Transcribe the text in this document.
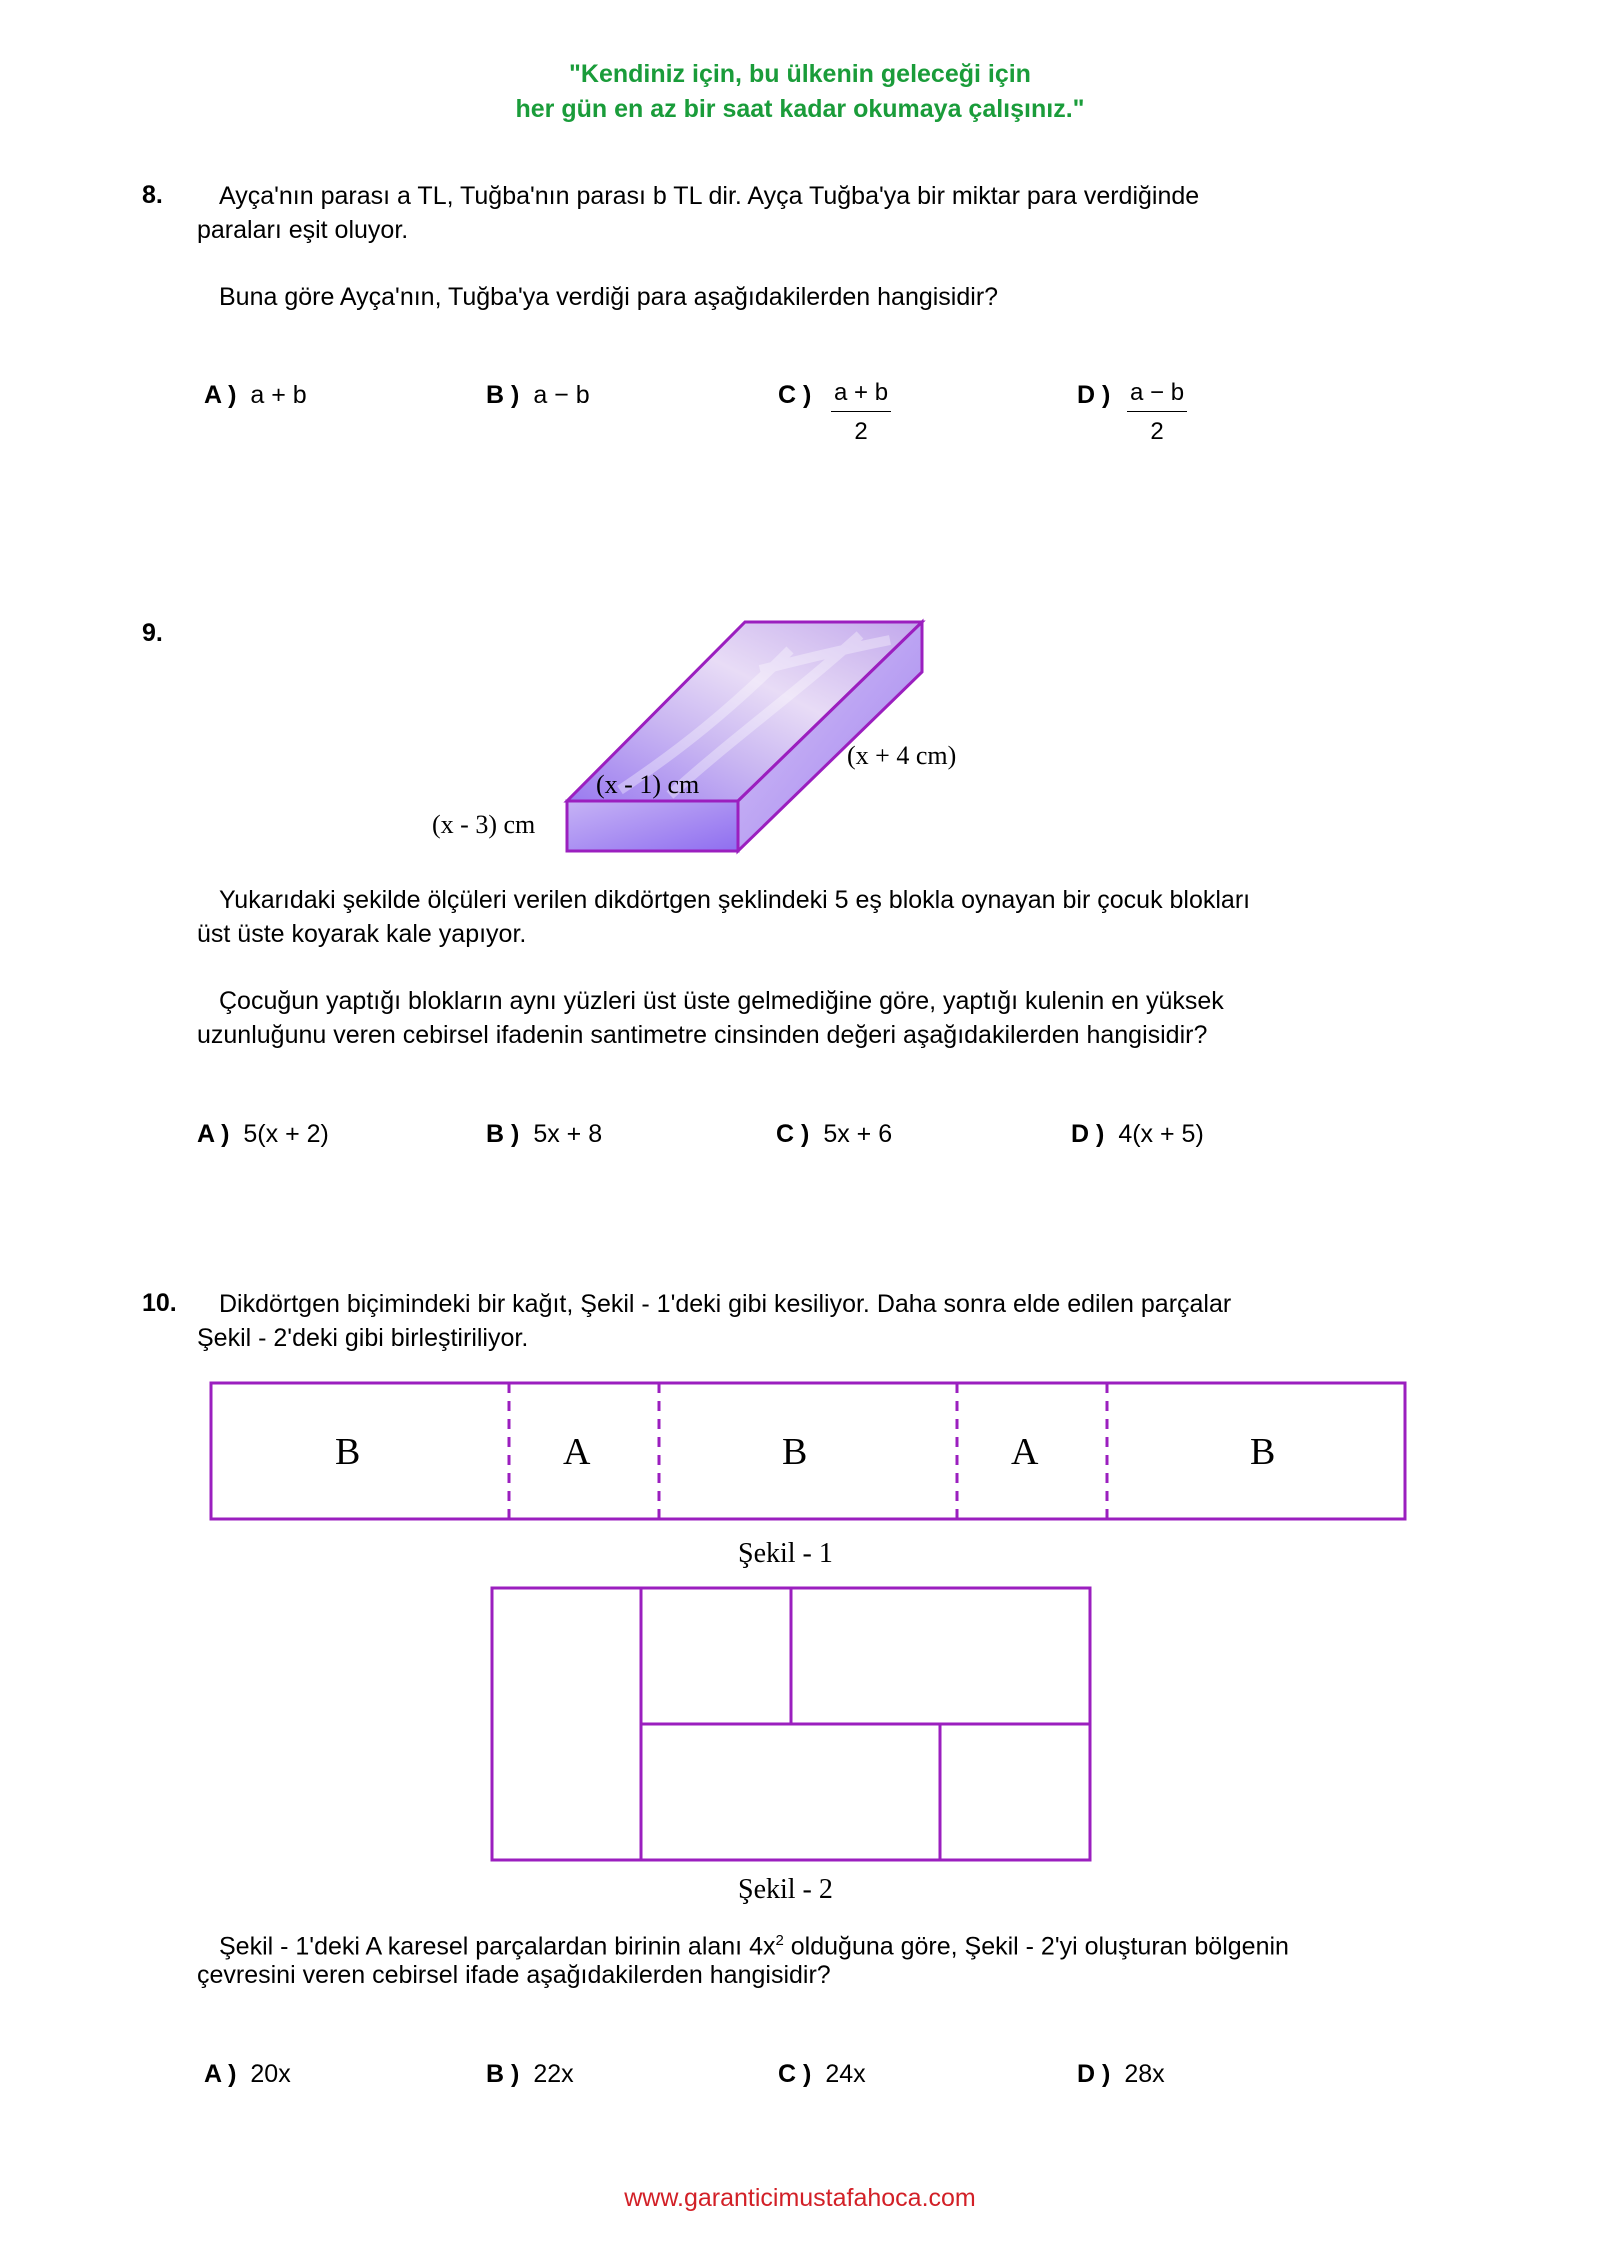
"Kendiniz için, bu ülkenin geleceği için
her gün en az bir saat kadar okumaya çalışınız."
8. Ayça'nın parası a TL, Tuğba'nın parası b TL dir. Ayça Tuğba'ya bir miktar para verdiğinde
paraları eşit oluyor.
Buna göre Ayça'nın, Tuğba'ya verdiği para aşağıdakilerden hangisidir?
A ) a + b	B ) a − b	C ) $\frac{a + b}{2}$	D ) $\frac{a - b}{2}$
9.
(x - 3) cm
(x - 1) cm
(x + 4 cm)
Yukarıdaki şekilde ölçüleri verilen dikdörtgen şeklindeki 5 eş blokla oynayan bir çocuk blokları
üst üste koyarak kale yapıyor.
Çocuğun yaptığı blokların aynı yüzleri üst üste gelmediğine göre, yaptığı kulenin en yüksek
uzunluğunu veren cebirsel ifadenin santimetre cinsinden değeri aşağıdakilerden hangisidir?
A ) 5(x + 2)	B ) 5x + 8	C ) 5x + 6	D ) 4(x + 5)
10. Dikdörtgen biçimindeki bir kağıt, Şekil - 1'deki gibi kesiliyor. Daha sonra elde edilen parçalar
Şekil - 2'deki gibi birleştiriliyor.
B	A	B	A	B
Şekil - 1
Şekil - 2
Şekil - 1'deki A karesel parçalardan birinin alanı $4x^2$ olduğuna göre, Şekil - 2'yi oluşturan bölgenin
çevresini veren cebirsel ifade aşağıdakilerden hangisidir?
A ) 20x	B ) 22x	C ) 24x	D ) 28x
www.garanticimustafahoca.com
